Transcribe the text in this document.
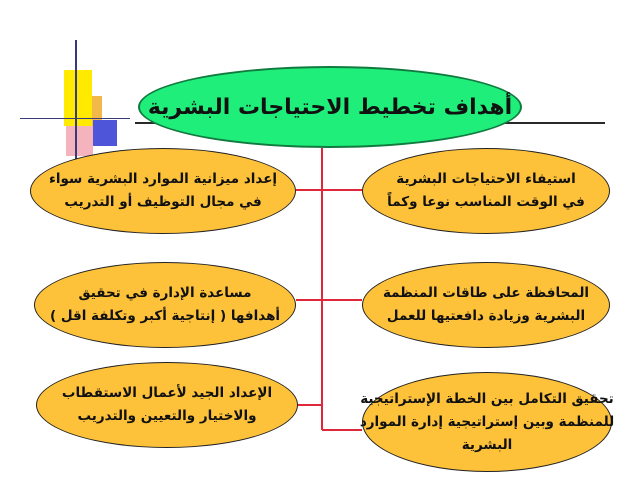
أهداف تخطيط الاحتياجات البشرية
استيفاء الاحتياجات البشرية
في الوقت المناسب نوعا وكماً
المحافظة على طاقات المنظمة
البشرية وزيادة دافعتيها للعمل
تحقيق التكامل بين الخطة الإستراتيجية
للمنظمة وبين إستراتيجية إدارة الموارد
البشرية
إعداد ميزانية الموارد البشرية سواء
في مجال التوظيف أو التدريب
مساعدة الإدارة في تحقيق
أهدافها ( إنتاجية أكبر وتكلفة اقل )
الإعداد الجيد لأعمال الاستقطاب
والاختيار والتعيين والتدريب
